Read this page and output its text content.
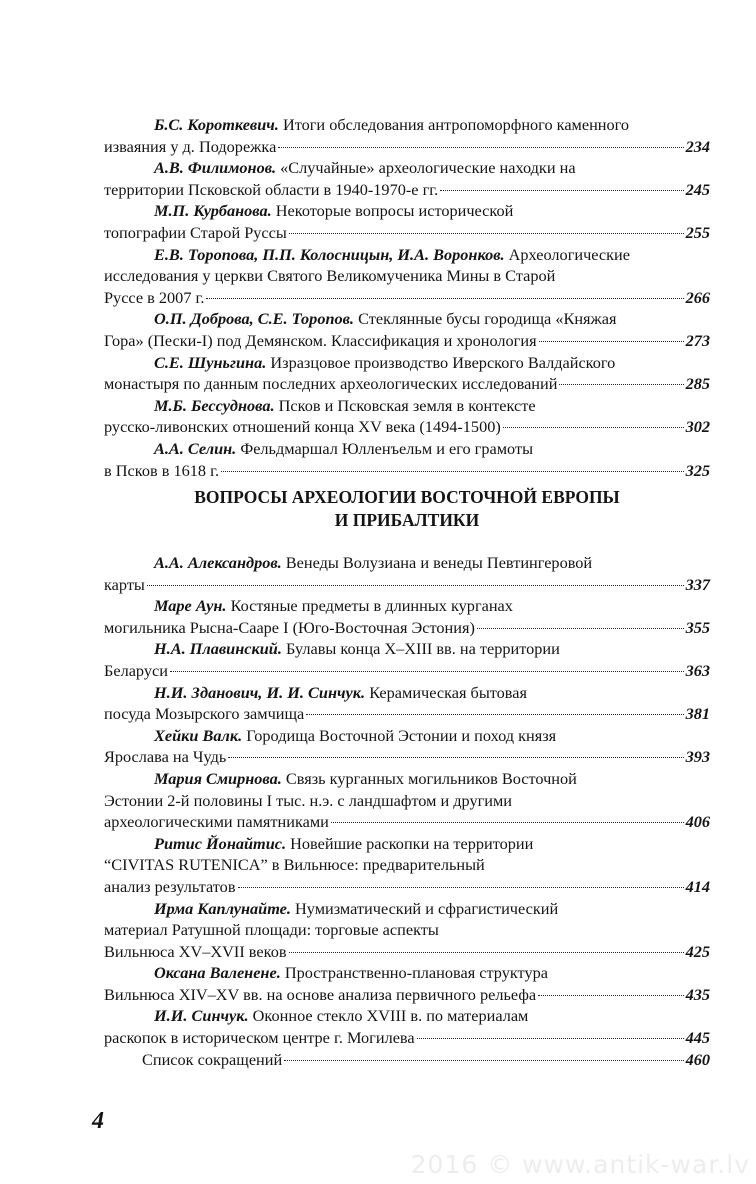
Б.С. Короткевич. Итоги обследования антропоморфного каменного
изваяния у д. Подорежка	234
А.В. Филимонов. «Случайные» археологические находки на
территории Псковской области в 1940-1970-е гг.	245
М.П. Курбанова. Некоторые вопросы исторической
топографии Старой Руссы	255
Е.В. Торопова, П.П. Колосницын, И.А. Воронков. Археологические
исследования у церкви Святого Великомученика Мины в Старой
Руссе в 2007 г.	266
О.П. Доброва, С.Е. Торопов. Стеклянные бусы городища «Княжая
Гора» (Пески-I) под Демянском. Классификация и хронология	273
С.Е. Шуньгина. Изразцовое производство Иверского Валдайского
монастыря по данным последних археологических исследований	285
М.Б. Бессуднова. Псков и Псковская земля в контексте
русско-ливонских отношений конца XV века (1494-1500)	302
А.А. Селин. Фельдмаршал Юлленъельм и его грамоты
в Псков в 1618 г.	325
ВОПРОСЫ АРХЕОЛОГИИ ВОСТОЧНОЙ ЕВРОПЫ
И ПРИБАЛТИКИ
А.А. Александров. Венеды Волузиана и венеды Певтингеровой
карты	337
Маре Аун. Костяные предметы в длинных курганах
могильника Рысна-Сааре I (Юго-Восточная Эстония)	355
Н.А. Плавинский. Булавы конца X–XIII вв. на территории
Беларуси	363
Н.И. Зданович, И. И. Синчук. Керамическая бытовая
посуда Мозырского замчища	381
Хейки Валк. Городища Восточной Эстонии и поход князя
Ярослава на Чудь	393
Мария Смирнова. Связь курганных могильников Восточной
Эстонии 2-й половины I тыс. н.э. с ландшафтом и другими
археологическими памятниками	406
Ритис Йонайтис. Новейшие раскопки на территории
“CIVITAS RUTENICA” в Вильнюсе: предварительный
анализ результатов	414
Ирма Каплунайте. Нумизматический и сфрагистический
материал Ратушной площади: торговые аспекты
Вильнюса XV–XVII веков	425
Оксана Валенене. Пространственно-плановая структура
Вильнюса XIV–XV вв. на основе анализа первичного рельефа	435
И.И. Синчук. Оконное стекло XVIII в. по материалам
раскопок в историческом центре г. Могилева	445
Список сокращений	460
4
2016 © www.antik-war.lv
